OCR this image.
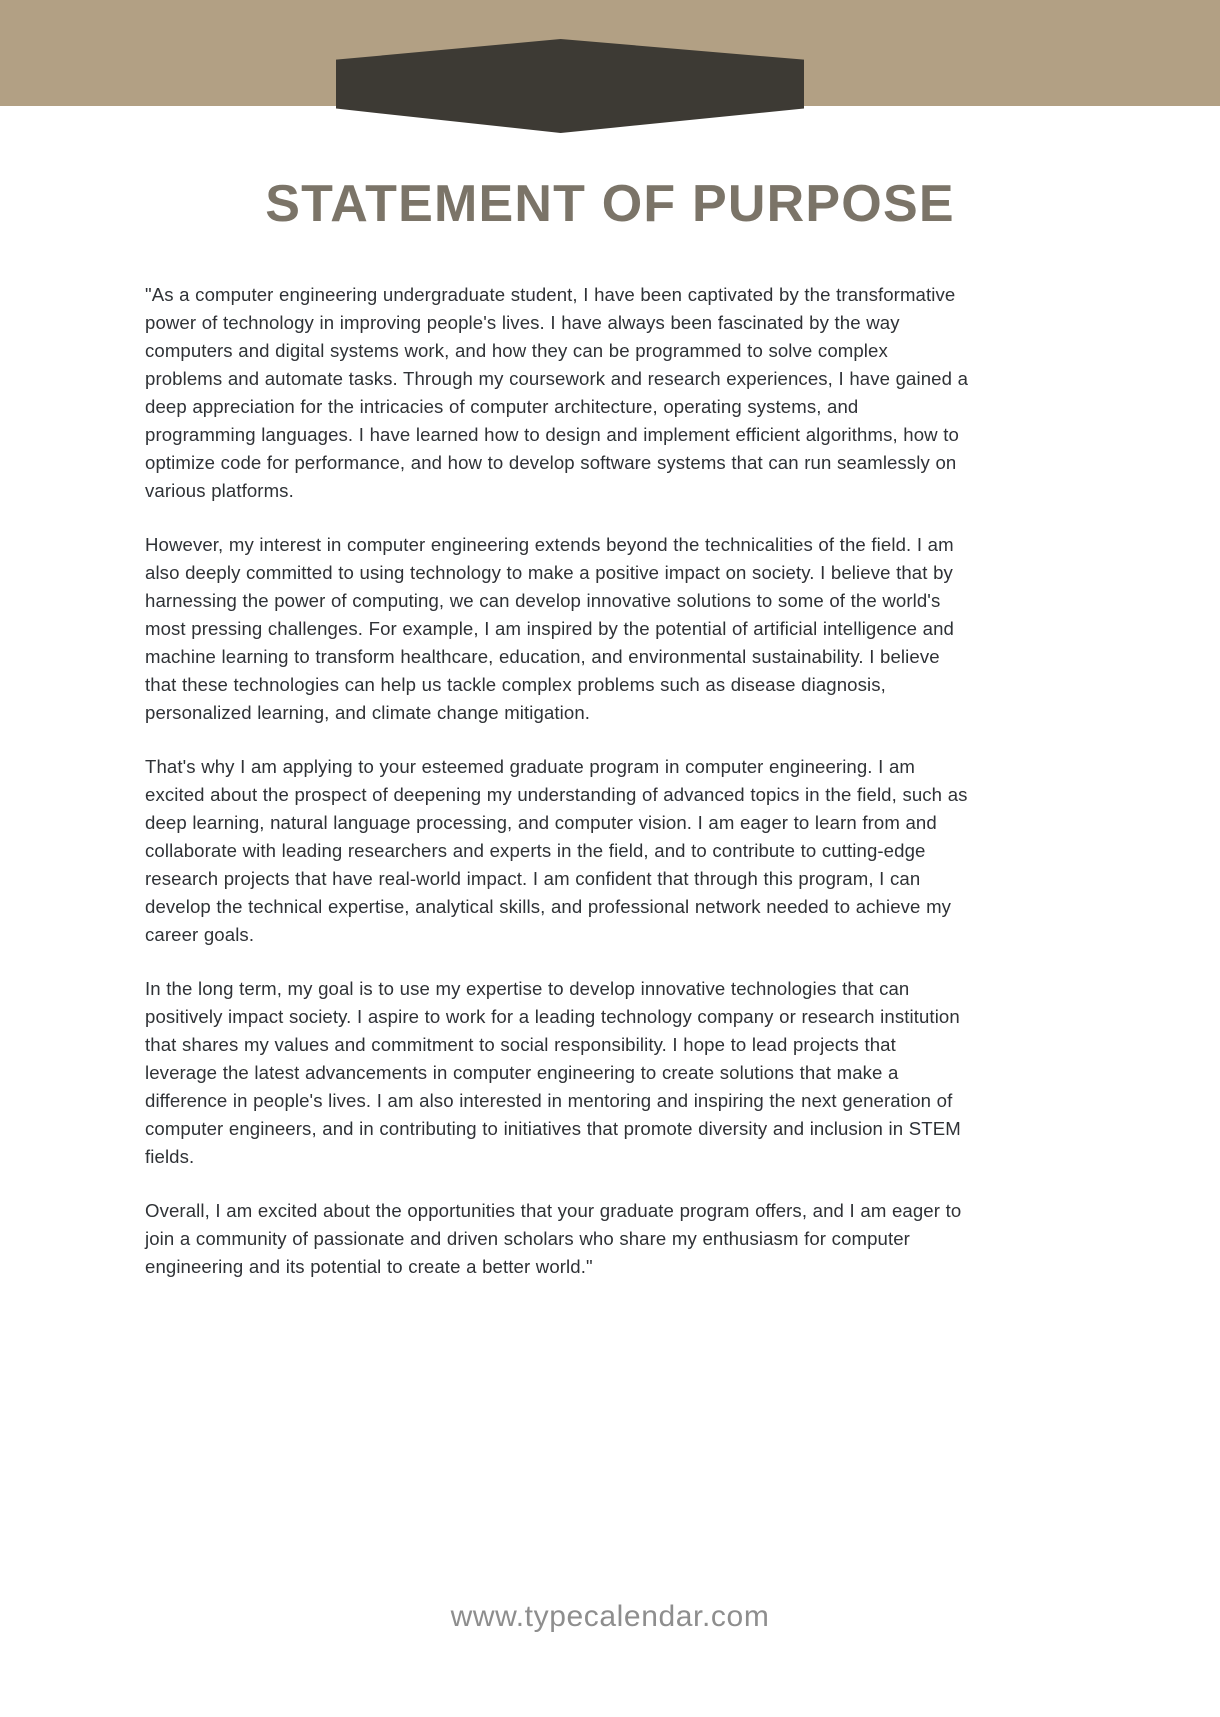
STATEMENT OF PURPOSE

"As a computer engineering undergraduate student, I have been captivated by the transformative power of technology in improving people's lives. I have always been fascinated by the way computers and digital systems work, and how they can be programmed to solve complex problems and automate tasks. Through my coursework and research experiences, I have gained a deep appreciation for the intricacies of computer architecture, operating systems, and programming languages. I have learned how to design and implement efficient algorithms, how to optimize code for performance, and how to develop software systems that can run seamlessly on various platforms.

However, my interest in computer engineering extends beyond the technicalities of the field. I am also deeply committed to using technology to make a positive impact on society. I believe that by harnessing the power of computing, we can develop innovative solutions to some of the world's most pressing challenges. For example, I am inspired by the potential of artificial intelligence and machine learning to transform healthcare, education, and environmental sustainability. I believe that these technologies can help us tackle complex problems such as disease diagnosis, personalized learning, and climate change mitigation.

That's why I am applying to your esteemed graduate program in computer engineering. I am excited about the prospect of deepening my understanding of advanced topics in the field, such as deep learning, natural language processing, and computer vision. I am eager to learn from and collaborate with leading researchers and experts in the field, and to contribute to cutting-edge research projects that have real-world impact. I am confident that through this program, I can develop the technical expertise, analytical skills, and professional network needed to achieve my career goals.

In the long term, my goal is to use my expertise to develop innovative technologies that can positively impact society. I aspire to work for a leading technology company or research institution that shares my values and commitment to social responsibility. I hope to lead projects that leverage the latest advancements in computer engineering to create solutions that make a difference in people's lives. I am also interested in mentoring and inspiring the next generation of computer engineers, and in contributing to initiatives that promote diversity and inclusion in STEM fields.

Overall, I am excited about the opportunities that your graduate program offers, and I am eager to join a community of passionate and driven scholars who share my enthusiasm for computer engineering and its potential to create a better world."

www.typecalendar.com
